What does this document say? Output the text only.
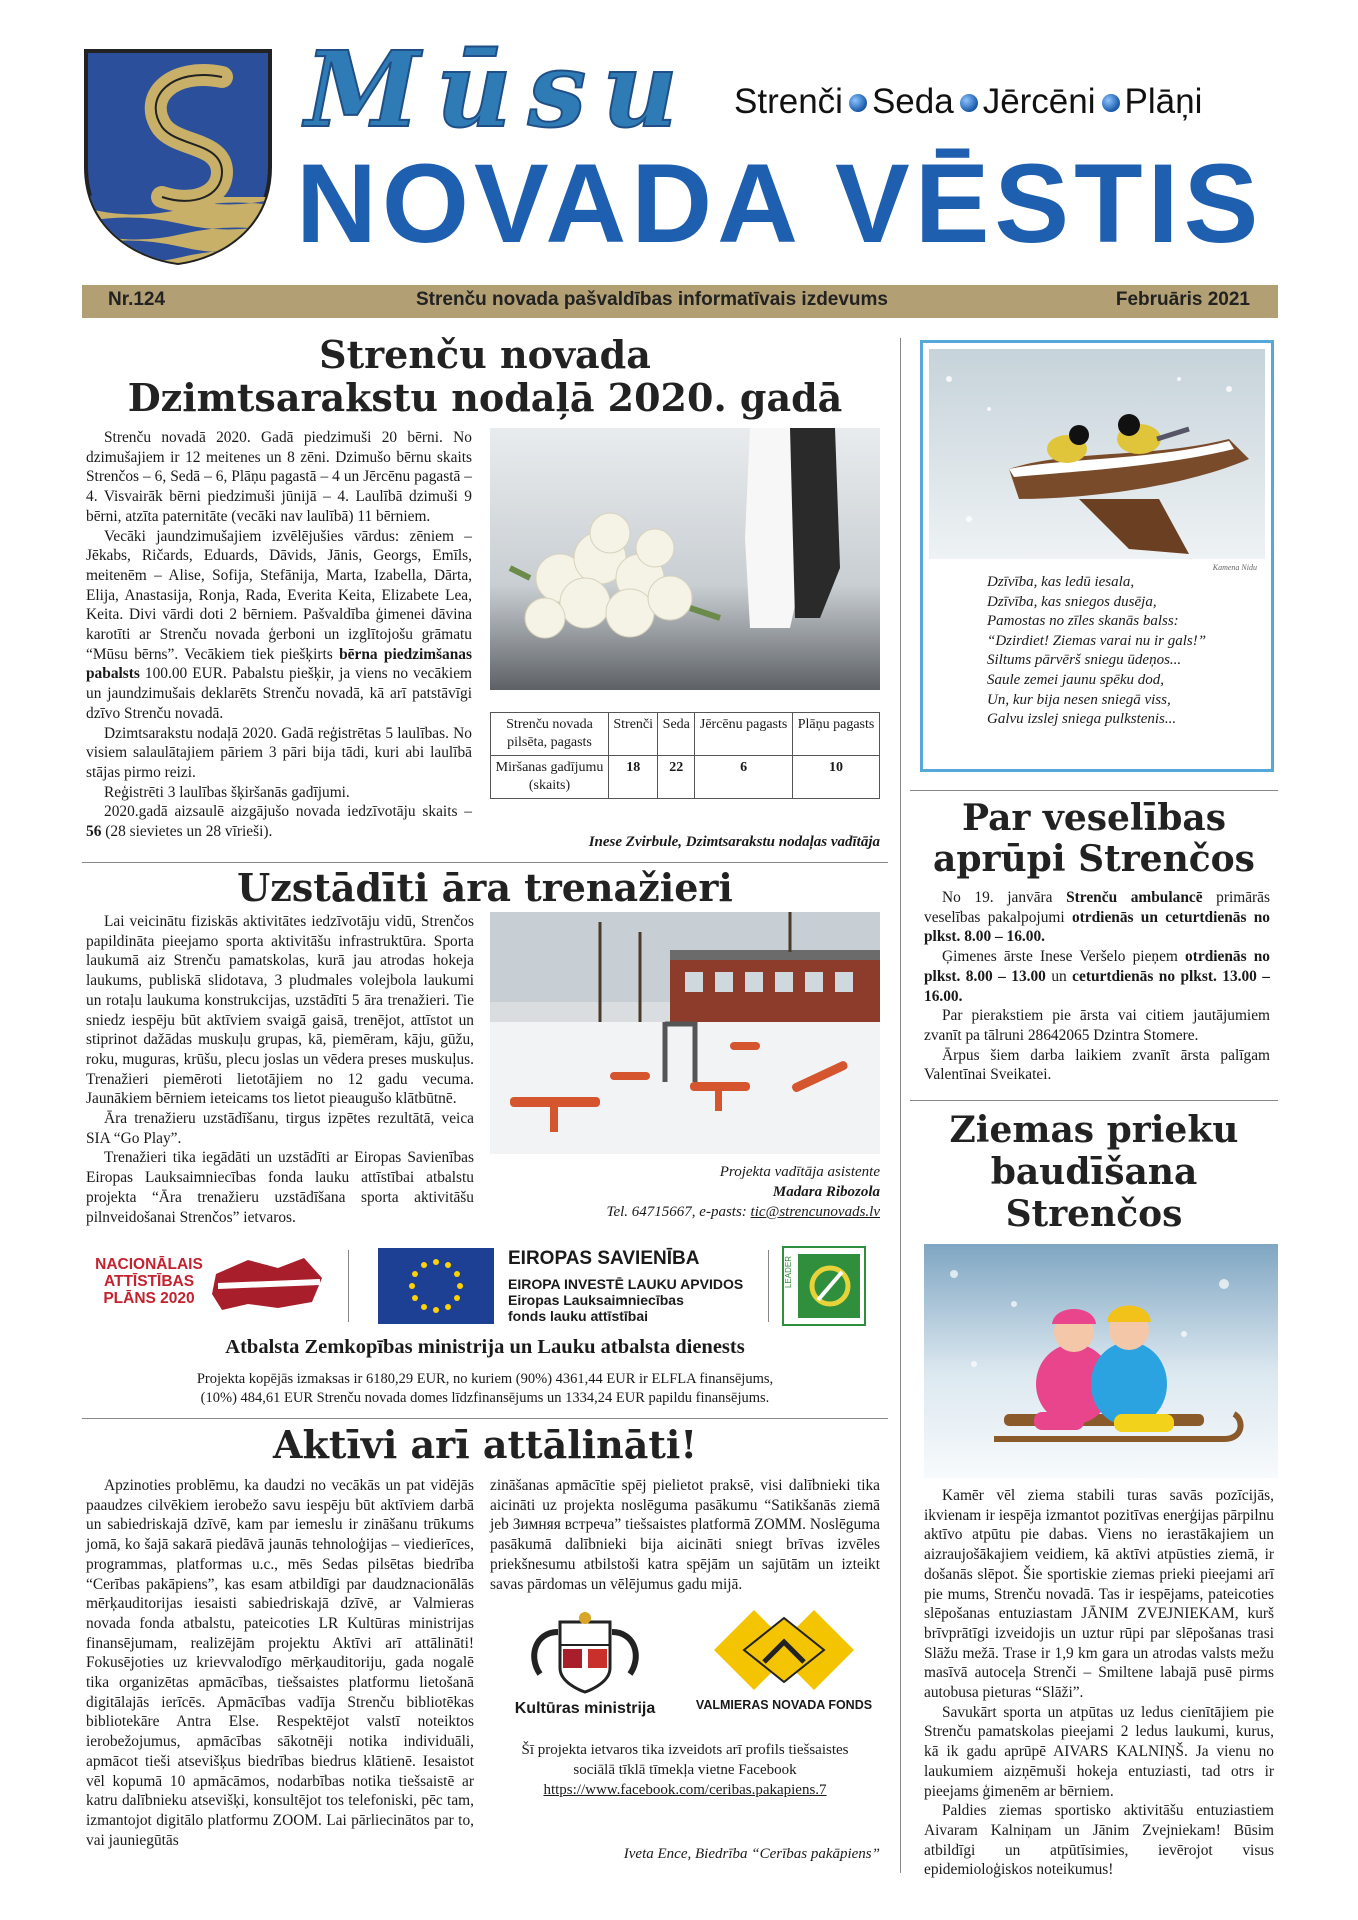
Mūsu
NOVADA VĒSTIS
Strenči Seda Jērcēni Plāņi
Nr.124	Strenču novada pašvaldības informatīvais izdevums	Februāris 2021
Strenču novada
Dzimtsarakstu nodaļā 2020. gadā

Strenču novadā 2020. Gadā piedzimuši 20 bērni. No dzimušajiem ir 12 meitenes un 8 zēni. Dzimušo bērnu skaits Strenčos – 6, Sedā – 6, Plāņu pagastā – 4 un Jērcēnu pagastā – 4. Visvairāk bērni piedzimuši jūnijā – 4. Laulībā dzimuši 9 bērni, atzīta paternitāte (vecāki nav laulībā) 11 bērniem.

Vecāki jaundzimušajiem izvēlējušies vārdus: zēniem – Jēkabs, Ričards, Eduards, Dāvids, Jānis, Georgs, Emīls, meitenēm – Alise, Sofija, Stefānija, Marta, Izabella, Dārta, Elija, Anastasija, Ronja, Rada, Everita Keita, Elizabete Lea, Keita. Divi vārdi doti 2 bērniem. Pašvaldība ģimenei dāvina karotīti ar Strenču novada ģerboni un izglītojošu grāmatu “Mūsu bērns”. Vecākiem tiek piešķirts bērna piedzimšanas pabalsts 100.00 EUR. Pabalstu piešķir, ja viens no vecākiem un jaundzimušais deklarēts Strenču novadā, kā arī patstāvīgi dzīvo Strenču novadā.

Dzimtsarakstu nodaļā 2020. Gadā reģistrētas 5 laulības. No visiem salaulātajiem pāriem 3 pāri bija tādi, kuri abi laulībā stājas pirmo reizi.

Reģistrēti 3 laulības šķiršanās gadījumi.

2020.gadā aizsaulē aizgājušo novada iedzīvotāju skaits – 56 (28 sievietes un 28 vīrieši).

Strenču novada pilsēta, pagasts	Strenči	Seda	Jērcēnu pagasts	Plāņu pagasts
Miršanas gadījumu (skaits)	18	22	6	10
Inese Zvirbule, Dzimtsarakstu nodaļas vadītāja
Uzstādīti āra trenažieri

Lai veicinātu fiziskās aktivitātes iedzīvotāju vidū, Strenčos papildināta pieejamo sporta aktivitāšu infrastruktūra. Sporta laukumā aiz Strenču pamatskolas, kurā jau atrodas hokeja laukums, publiskā slidotava, 3 pludmales volejbola laukumi un rotaļu laukuma konstrukcijas, uzstādīti 5 āra trenažieri. Tie sniedz iespēju būt aktīviem svaigā gaisā, trenējot, attīstot un stiprinot dažādas muskuļu grupas, kā, piemēram, kāju, gūžu, roku, muguras, krūšu, plecu joslas un vēdera preses muskuļus. Trenažieri piemēroti lietotājiem no 12 gadu vecuma. Jaunākiem bērniem ieteicams tos lietot pieaugušo klātbūtnē.

Āra trenažieru uzstādīšanu, tirgus izpētes rezultātā, veica SIA “Go Play”.

Trenažieri tika iegādāti un uzstādīti ar Eiropas Savienības Eiropas Lauksaimniecības fonda lauku attīstībai atbalstu projekta “Āra trenažieru uzstādīšana sporta aktivitāšu pilnveidošanai Strenčos” ietvaros.

Projekta vadītāja asistente
Madara Ribozola
Tel. 64715667, e-pasts: tic@strencunovads.lv
NACIONĀLAIS ATTĪSTĪBAS PLĀNS 2020
EIROPAS SAVIENĪBA
EIROPA INVESTĒ LAUKU APVIDOS
Eiropas Lauksaimniecības fonds lauku attīstībai
LEADER
Atbalsta Zemkopības ministrija un Lauku atbalsta dienests
Projekta kopējās izmaksas ir 6180,29 EUR, no kuriem (90%) 4361,44 EUR ir ELFLA finansējums,
(10%) 484,61 EUR Strenču novada domes līdzfinansējums un 1334,24 EUR papildu finansējums.
Aktīvi arī attālināti!

Apzinoties problēmu, ka daudzi no vecākās un pat vidējās paaudzes cilvēkiem ierobežo savu iespēju būt aktīviem darbā un sabiedriskajā dzīvē, kam par iemeslu ir zināšanu trūkums jomā, ko šajā sakarā piedāvā jaunās tehnoloģijas – viedierīces, programmas, platformas u.c., mēs Sedas pilsētas biedrība “Cerības pakāpiens”, kas esam atbildīgi par daudznacionālās mērķauditorijas iesaisti sabiedriskajā dzīvē, ar Valmieras novada fonda atbalstu, pateicoties LR Kultūras ministrijas finansējumam, realizējām projektu Aktīvi arī attālināti! Fokusējoties uz krievvalodīgo mērķauditoriju, gada nogalē tika organizētas apmācības, tiešsaistes platformu lietošanā digitālajās ierīcēs. Apmācības vadīja Strenču bibliotēkas bibliotekāre Antra Else. Respektējot valstī noteiktos ierobežojumus, apmācības sākotnēji notika individuāli, apmācot tieši atsevišķus biedrības biedrus klātienē. Iesaistot vēl kopumā 10 apmācāmos, nodarbības notika tiešsaistē ar katru dalībnieku atsevišķi, konsultējot tos telefoniski, pēc tam, izmantojot digitālo platformu ZOOM. Lai pārliecinātos par to, vai jauniegūtās

zināšanas apmācītie spēj pielietot praksē, visi dalībnieki tika aicināti uz projekta noslēguma pasākumu “Satikšanās ziemā jeb Зимняя встреча” tiešsaistes platformā ZOMM. Noslēguma pasākumā dalībnieki bija aicināti sniegt brīvas izvēles priekšnesumu atbilstoši katra spējām un sajūtām un izteikt savas pārdomas un vēlējumus gadu mijā.

Kultūras ministrija	VALMIERAS NOVADA FONDS
Šī projekta ietvaros tika izveidots arī profils tiešsaistes sociālā tīklā tīmekļa vietne Facebook
https://www.facebook.com/ceribas.pakapiens.7
Iveta Ence, Biedrība “Cerības pakāpiens”
Dzīvība, kas ledū iesala,
Dzīvība, kas sniegos dusēja,
Pamostas no zīles skanās balss:
“Dzirdiet! Ziemas varai nu ir gals!”
Siltums pārvērš sniegu ūdeņos...
Saule zemei jaunu spēku dod,
Un, kur bija nesen sniegā viss,
Galvu izslej sniega pulkstenis...
Kamena Nidu
Par veselības
aprūpi Strenčos

No 19. janvāra Strenču ambulancē primārās veselības pakalpojumi otrdienās un ceturtdienās no plkst. 8.00 – 16.00.

Ģimenes ārste Inese Veršelo pieņem otrdienās no plkst. 8.00 – 13.00 un ceturtdienās no plkst. 13.00 – 16.00.

Par pierakstiem pie ārsta vai citiem jautājumiem zvanīt pa tālruni 28642065 Dzintra Stomere.

Ārpus šiem darba laikiem zvanīt ārsta palīgam Valentīnai Sveikatei.

Ziemas prieku
baudīšana
Strenčos

Kamēr vēl ziema stabili turas savās pozīcijās, ikvienam ir iespēja izmantot pozitīvas enerģijas pārpilnu aktīvo atpūtu pie dabas. Viens no ierastākajiem un aizraujošākajiem veidiem, kā aktīvi atpūsties ziemā, ir došanās slēpot. Šie sportiskie ziemas prieki pieejami arī pie mums, Strenču novadā. Tas ir iespējams, pateicoties slēpošanas entuziastam JĀNIM ZVEJNIEKAM, kurš brīvprātīgi izveidojis un uztur rūpi par slēpošanas trasi Slāžu mežā. Trase ir 1,9 km gara un atrodas valsts mežu masīvā autoceļa Strenči – Smiltene labajā pusē pirms autobusa pieturas “Slāži”.

Savukārt sporta un atpūtas uz ledus cienītājiem pie Strenču pamatskolas pieejami 2 ledus laukumi, kurus, kā ik gadu aprūpē AIVARS KALNIŅŠ. Ja vienu no laukumiem aizņēmuši hokeja entuziasti, tad otrs ir pieejams ģimenēm ar bērniem.

Paldies ziemas sportisko aktivitāšu entuziastiem Aivaram Kalniņam un Jānim Zvejniekam! Būsim atbildīgi un atpūtīsimies, ievērojot visus epidemioloģiskos noteikumus!
